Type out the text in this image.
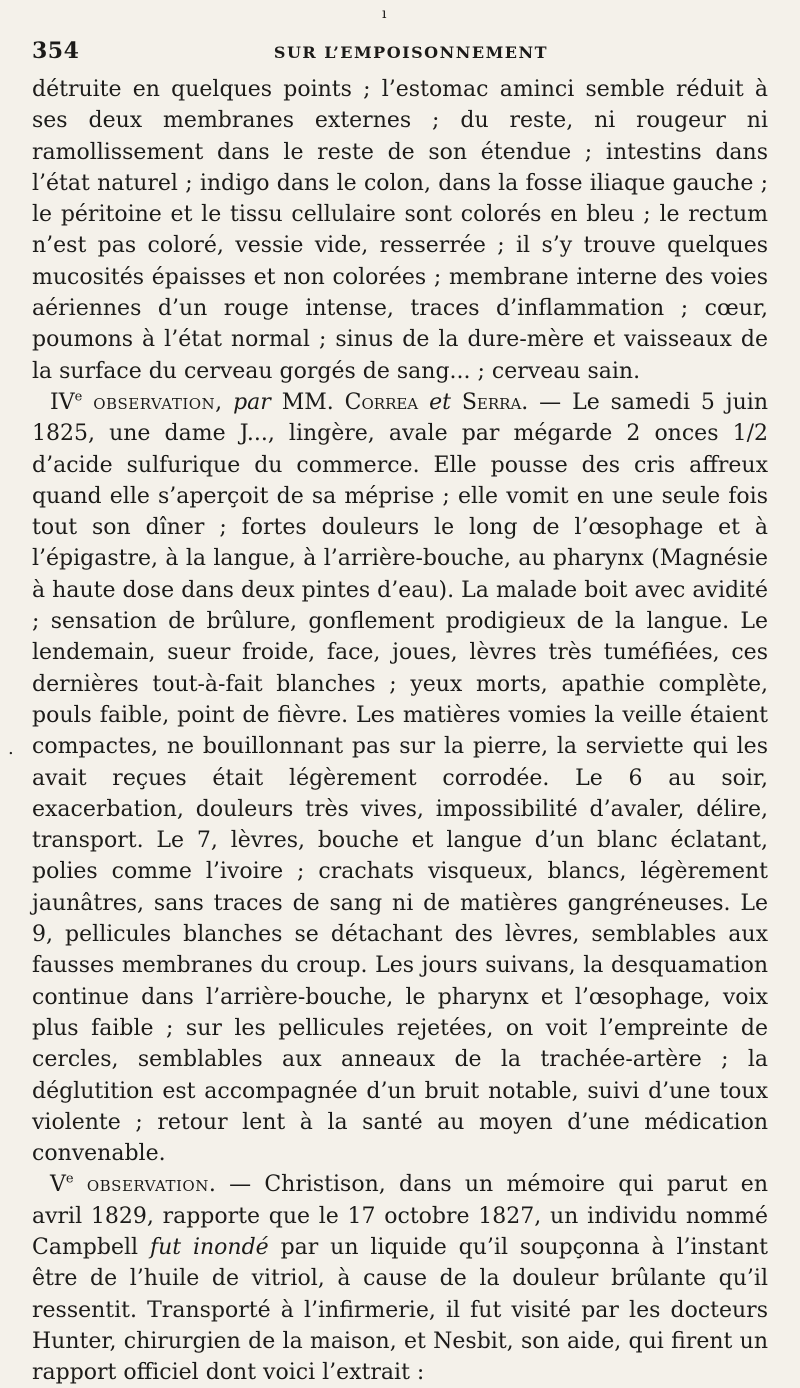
ı
.
354	SUR L’EMPOISONNEMENT

détruite en quelques points ; l’estomac aminci semble réduit à ses deux membranes externes ; du reste, ni rougeur ni ramollissement dans le reste de son étendue ; intestins dans l’état naturel ; indigo dans le colon, dans la fosse iliaque gauche ; le péritoine et le tissu cellulaire sont colorés en bleu ; le rectum n’est pas coloré, vessie vide, resserrée ; il s’y trouve quelques mucosités épaisses et non colorées ; membrane interne des voies aériennes d’un rouge intense, traces d’inflammation ; cœur, poumons à l’état normal ; sinus de la dure-mère et vaisseaux de la surface du cerveau gorgés de sang... ; cerveau sain.

IVe observation, par MM. Correa et Serra. — Le samedi 5 juin 1825, une dame J..., lingère, avale par mégarde 2 onces 1/2 d’acide sulfurique du commerce. Elle pousse des cris affreux quand elle s’aperçoit de sa méprise ; elle vomit en une seule fois tout son dîner ; fortes douleurs le long de l’œsophage et à l’épigastre, à la langue, à l’arrière-bouche, au pharynx (Magnésie à haute dose dans deux pintes d’eau). La malade boit avec avidité ; sensation de brûlure, gonflement prodigieux de la langue. Le lendemain, sueur froide, face, joues, lèvres très tuméfiées, ces dernières tout-à-fait blanches ; yeux morts, apathie complète, pouls faible, point de fièvre. Les matières vomies la veille étaient compactes, ne bouillonnant pas sur la pierre, la serviette qui les avait reçues était légèrement corrodée. Le 6 au soir, exacerbation, douleurs très vives, impossibilité d’avaler, délire, transport. Le 7, lèvres, bouche et langue d’un blanc éclatant, polies comme l’ivoire ; crachats visqueux, blancs, légèrement jaunâtres, sans traces de sang ni de matières gangréneuses. Le 9, pellicules blanches se détachant des lèvres, semblables aux fausses membranes du croup. Les jours suivans, la desquamation continue dans l’arrière-bouche, le pharynx et l’œsophage, voix plus faible ; sur les pellicules rejetées, on voit l’empreinte de cercles, semblables aux anneaux de la trachée-artère ; la déglutition est accompagnée d’un bruit notable, suivi d’une toux violente ; retour lent à la santé au moyen d’une médication convenable.

Ve observation. — Christison, dans un mémoire qui parut en avril 1829, rapporte que le 17 octobre 1827, un individu nommé Campbell fut inondé par un liquide qu’il soupçonna à l’instant être de l’huile de vitriol, à cause de la douleur brûlante qu’il ressentit. Transporté à l’infirmerie, il fut visité par les docteurs Hunter, chirurgien de la maison, et Nesbit, son aide, qui firent un rapport officiel dont voici l’extrait :
